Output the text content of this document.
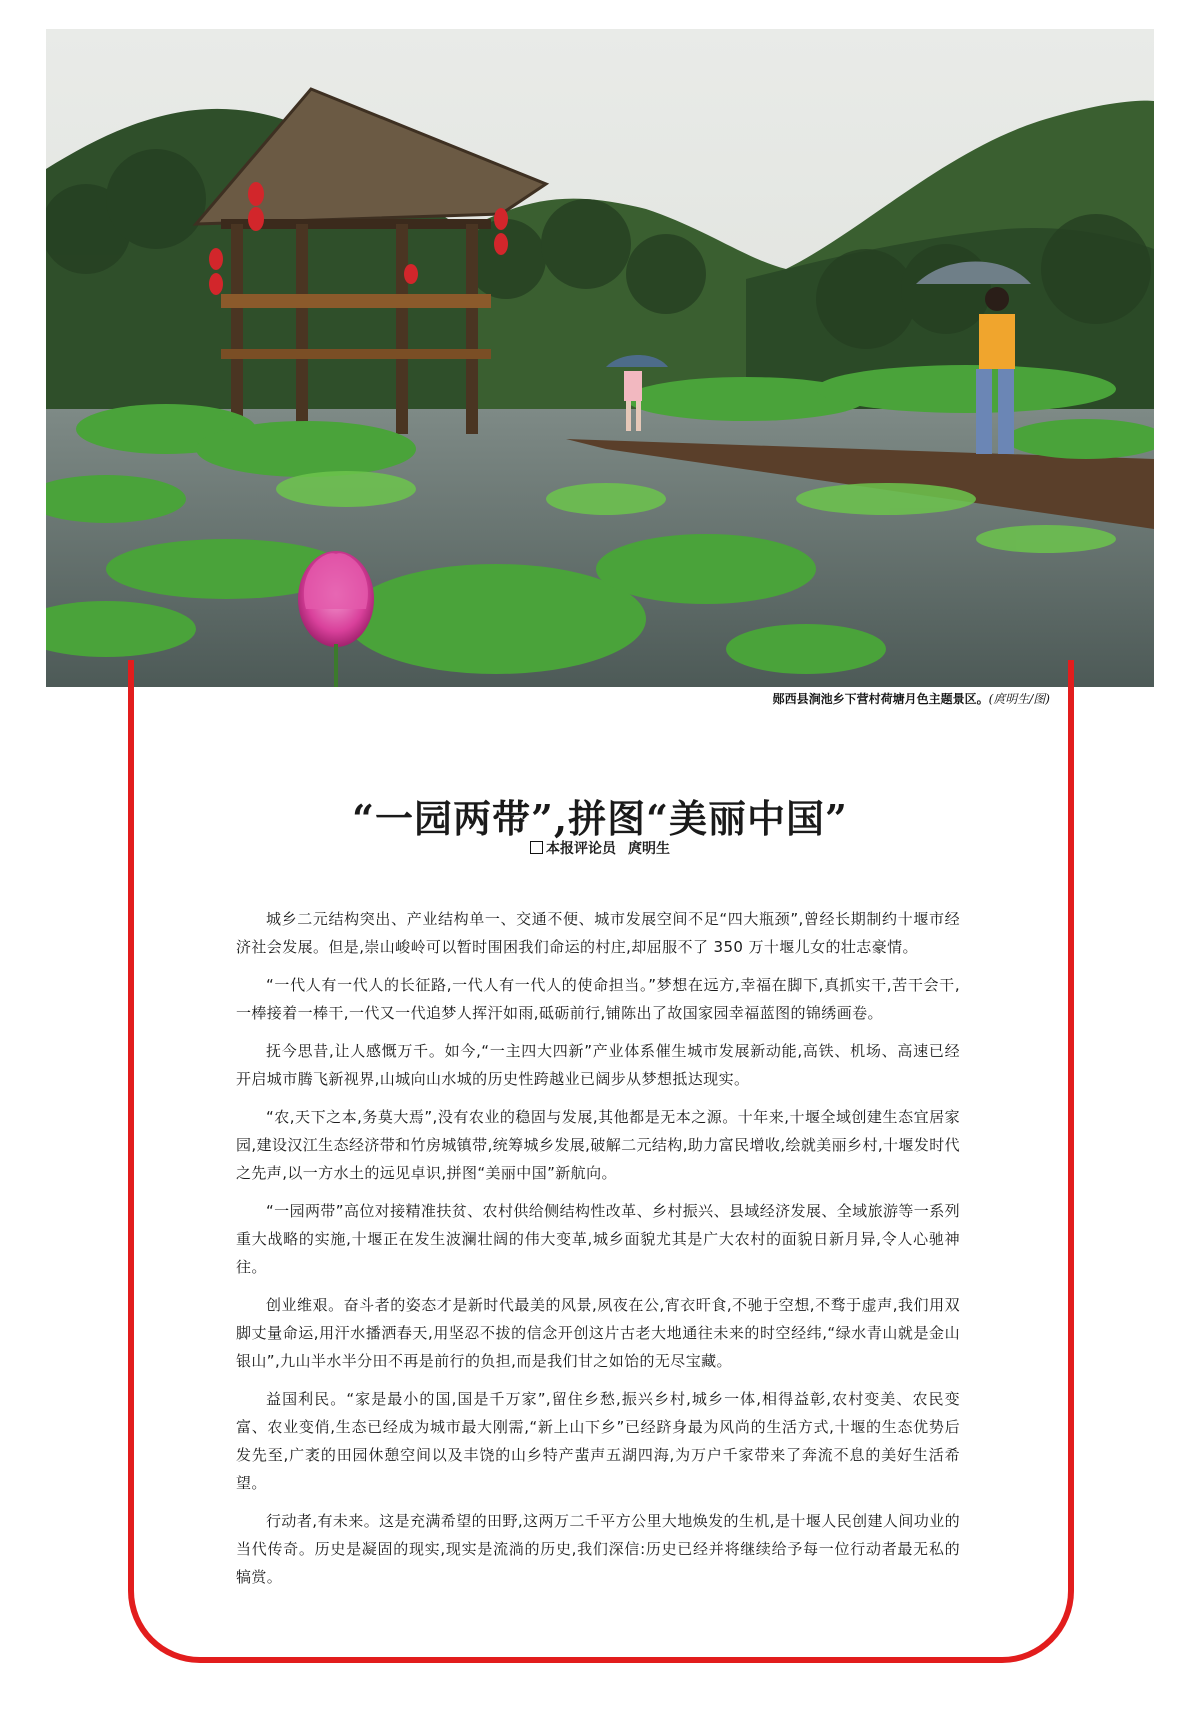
郧西县涧池乡下营村荷塘月色主题景区。(庹明生/图)
“一园两带”,拼图“美丽中国”
本报评论员 庹明生

城乡二元结构突出、产业结构单一、交通不便、城市发展空间不足“四大瓶颈”,曾经长期制约十堰市经济社会发展。但是,崇山峻岭可以暂时围困我们命运的村庄,却屈服不了 350 万十堰儿女的壮志豪情。

“一代人有一代人的长征路,一代人有一代人的使命担当。”梦想在远方,幸福在脚下,真抓实干,苦干会干,一棒接着一棒干,一代又一代追梦人挥汗如雨,砥砺前行,铺陈出了故国家园幸福蓝图的锦绣画卷。

抚今思昔,让人感慨万千。如今,“一主四大四新”产业体系催生城市发展新动能,高铁、机场、高速已经开启城市腾飞新视界,山城向山水城的历史性跨越业已阔步从梦想抵达现实。

“农,天下之本,务莫大焉”,没有农业的稳固与发展,其他都是无本之源。十年来,十堰全域创建生态宜居家园,建设汉江生态经济带和竹房城镇带,统筹城乡发展,破解二元结构,助力富民增收,绘就美丽乡村,十堰发时代之先声,以一方水土的远见卓识,拼图“美丽中国”新航向。

“一园两带”高位对接精准扶贫、农村供给侧结构性改革、乡村振兴、县域经济发展、全域旅游等一系列重大战略的实施,十堰正在发生波澜壮阔的伟大变革,城乡面貌尤其是广大农村的面貌日新月异,令人心驰神往。

创业维艰。奋斗者的姿态才是新时代最美的风景,夙夜在公,宵衣旰食,不驰于空想,不骛于虚声,我们用双脚丈量命运,用汗水播洒春天,用坚忍不拔的信念开创这片古老大地通往未来的时空经纬,“绿水青山就是金山银山”,九山半水半分田不再是前行的负担,而是我们甘之如饴的无尽宝藏。

益国利民。“家是最小的国,国是千万家”,留住乡愁,振兴乡村,城乡一体,相得益彰,农村变美、农民变富、农业变俏,生态已经成为城市最大刚需,“新上山下乡”已经跻身最为风尚的生活方式,十堰的生态优势后发先至,广袤的田园休憩空间以及丰饶的山乡特产蜚声五湖四海,为万户千家带来了奔流不息的美好生活希望。

行动者,有未来。这是充满希望的田野,这两万二千平方公里大地焕发的生机,是十堰人民创建人间功业的当代传奇。历史是凝固的现实,现实是流淌的历史,我们深信:历史已经并将继续给予每一位行动者最无私的犒赏。
